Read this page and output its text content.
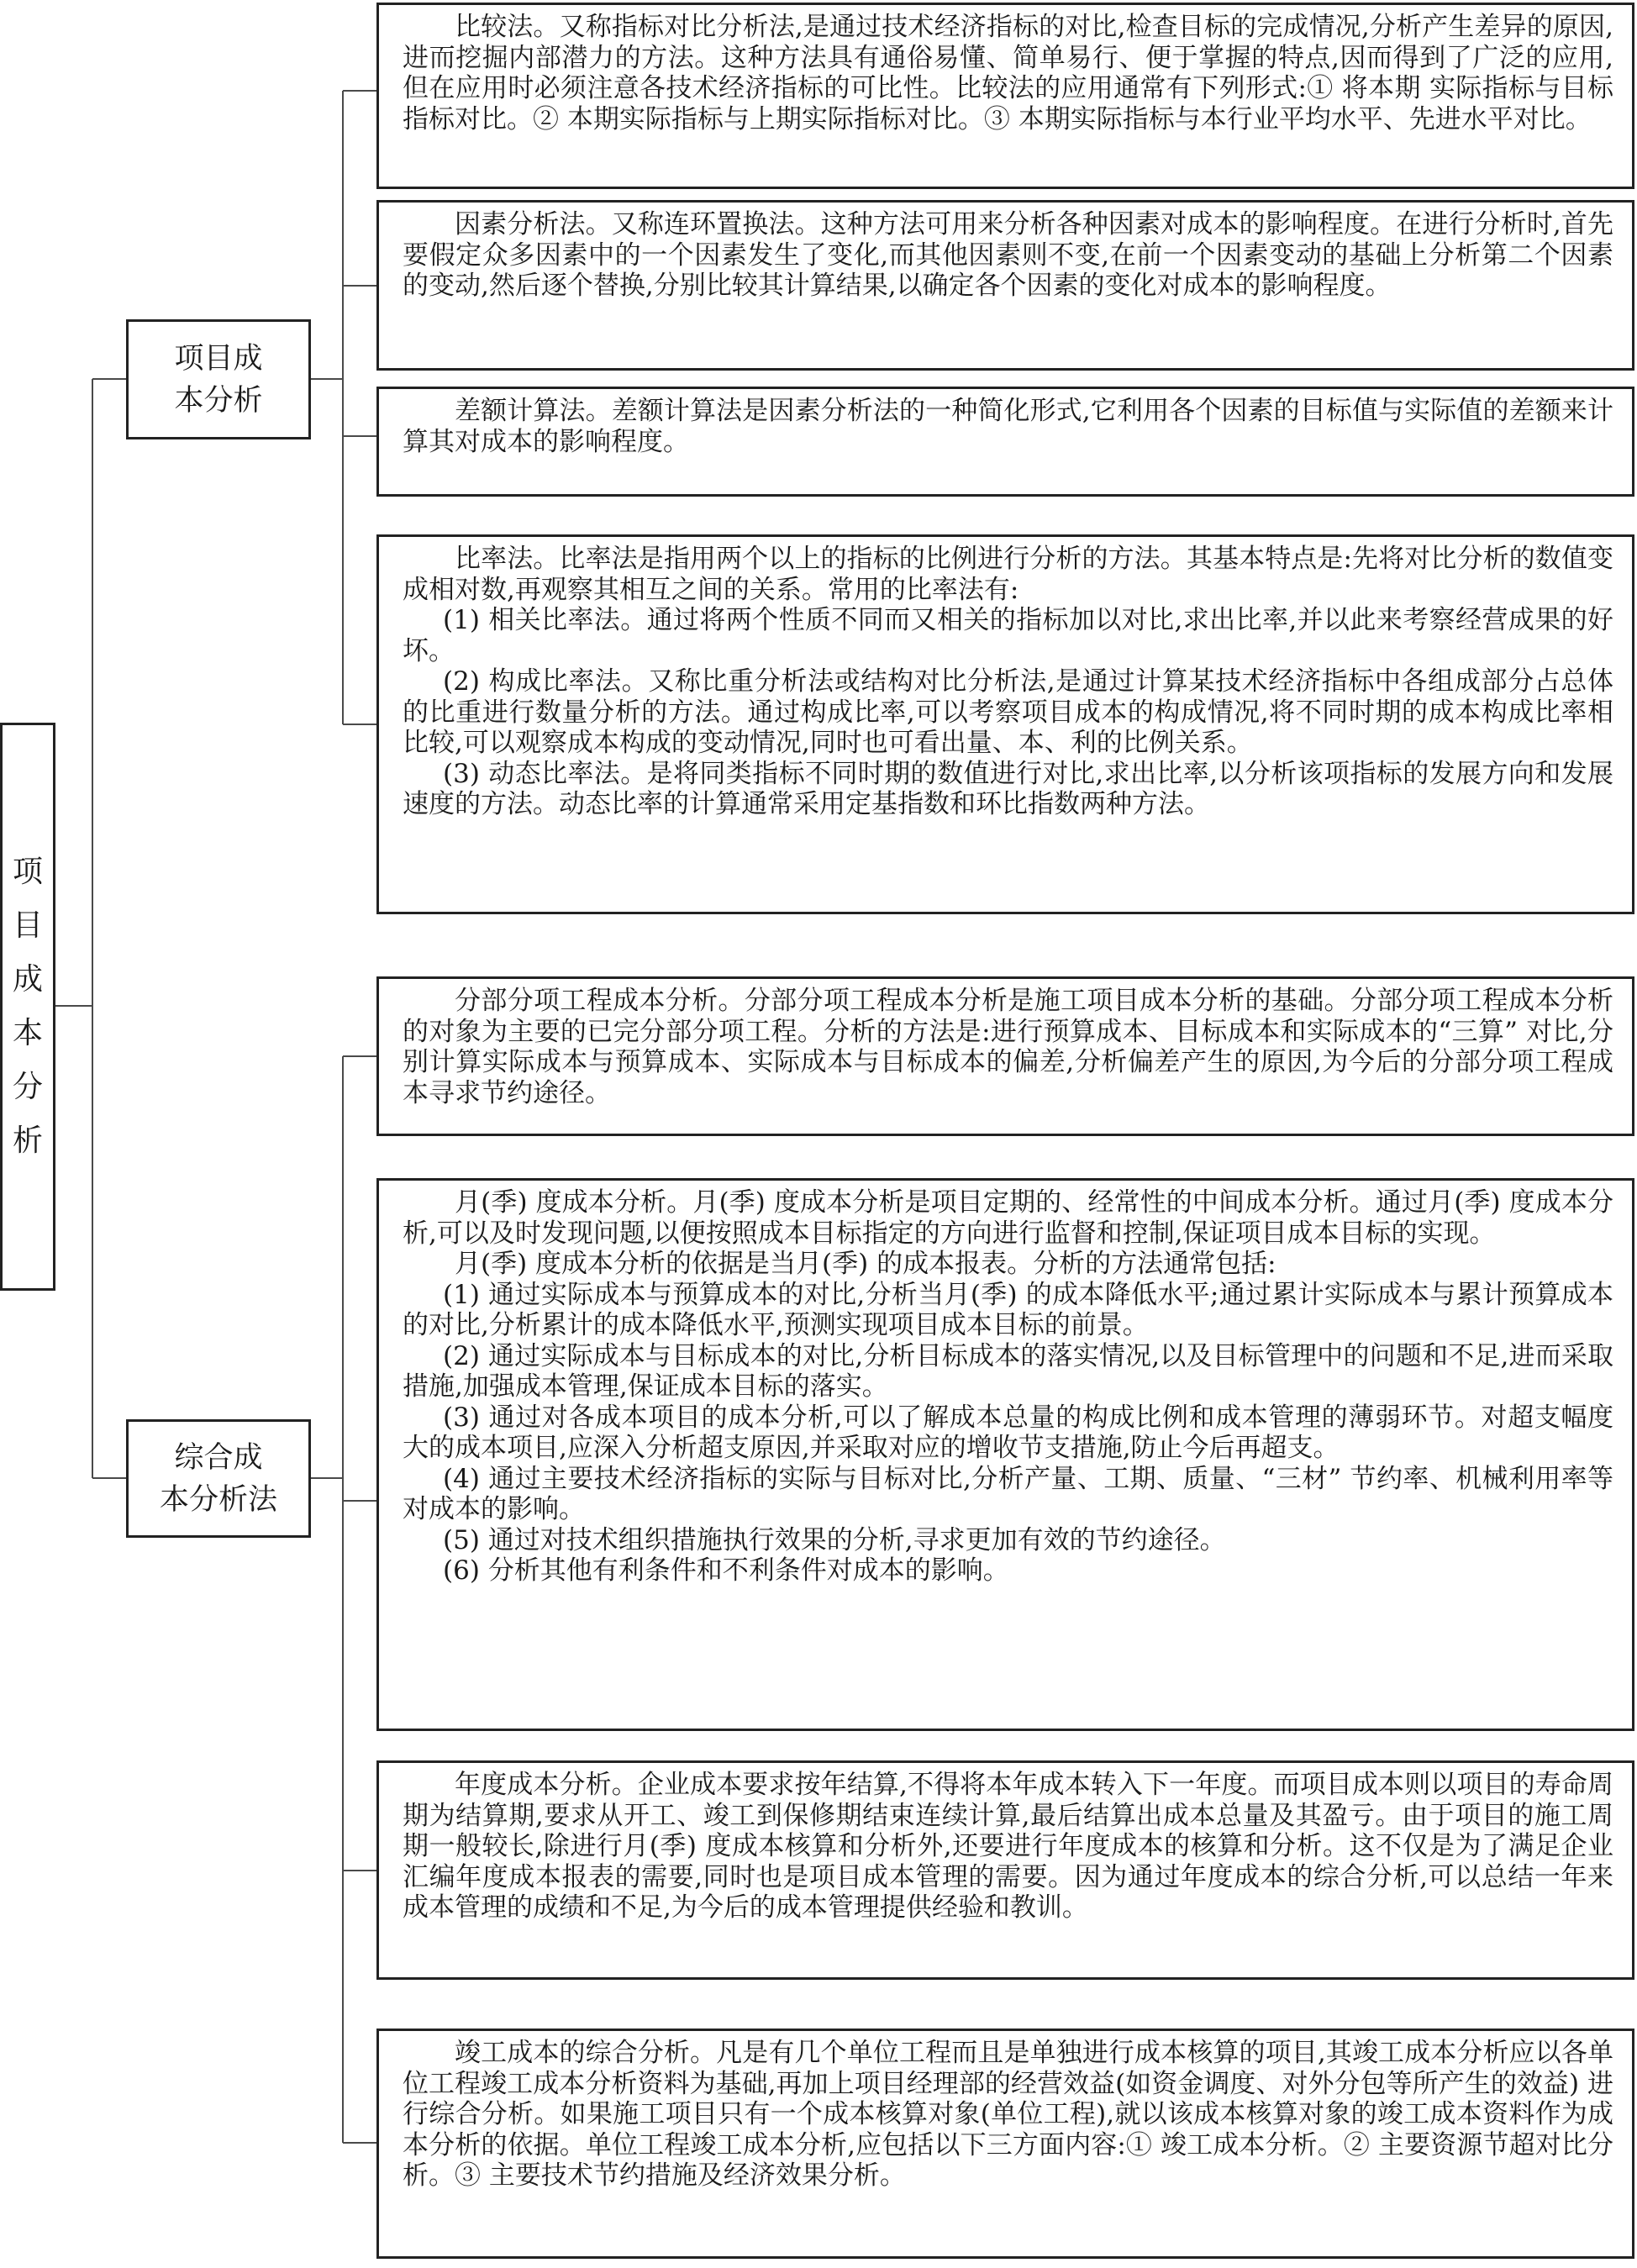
项
目
成
本
分
析
项目成
本分析
综合成
本分析法

比较法。又称指标对比分析法,是通过技术经济指标的对比,检查目标的完成情况,分析产生差异的原因,进而挖掘内部潜力的方法。这种方法具有通俗易懂、简单易行、便于掌握的特点,因而得到了广泛的应用,但在应用时必须注意各技术经济指标的可比性。比较法的应用通常有下列形式:① 将本期 实际指标与目标指标对比。② 本期实际指标与上期实际指标对比。③ 本期实际指标与本行业平均水平、先进水平对比。

因素分析法。又称连环置换法。这种方法可用来分析各种因素对成本的影响程度。在进行分析时,首先要假定众多因素中的一个因素发生了变化,而其他因素则不变,在前一个因素变动的基础上分析第二个因素的变动,然后逐个替换,分别比较其计算结果,以确定各个因素的变化对成本的影响程度。

差额计算法。差额计算法是因素分析法的一种简化形式,它利用各个因素的目标值与实际值的差额来计算其对成本的影响程度。

比率法。比率法是指用两个以上的指标的比例进行分析的方法。其基本特点是:先将对比分析的数值变成相对数,再观察其相互之间的关系。常用的比率法有:

(1) 相关比率法。通过将两个性质不同而又相关的指标加以对比,求出比率,并以此来考察经营成果的好坏。

(2) 构成比率法。又称比重分析法或结构对比分析法,是通过计算某技术经济指标中各组成部分占总体的比重进行数量分析的方法。通过构成比率,可以考察项目成本的构成情况,将不同时期的成本构成比率相比较,可以观察成本构成的变动情况,同时也可看出量、本、利的比例关系。

(3) 动态比率法。是将同类指标不同时期的数值进行对比,求出比率,以分析该项指标的发展方向和发展速度的方法。动态比率的计算通常采用定基指数和环比指数两种方法。

分部分项工程成本分析。分部分项工程成本分析是施工项目成本分析的基础。分部分项工程成本分析的对象为主要的已完分部分项工程。分析的方法是:进行预算成本、目标成本和实际成本的“三算” 对比,分别计算实际成本与预算成本、实际成本与目标成本的偏差,分析偏差产生的原因,为今后的分部分项工程成本寻求节约途径。

月(季) 度成本分析。月(季) 度成本分析是项目定期的、经常性的中间成本分析。通过月(季) 度成本分析,可以及时发现问题,以便按照成本目标指定的方向进行监督和控制,保证项目成本目标的实现。

月(季) 度成本分析的依据是当月(季) 的成本报表。分析的方法通常包括:

(1) 通过实际成本与预算成本的对比,分析当月(季) 的成本降低水平;通过累计实际成本与累计预算成本的对比,分析累计的成本降低水平,预测实现项目成本目标的前景。

(2) 通过实际成本与目标成本的对比,分析目标成本的落实情况,以及目标管理中的问题和不足,进而采取措施,加强成本管理,保证成本目标的落实。

(3) 通过对各成本项目的成本分析,可以了解成本总量的构成比例和成本管理的薄弱环节。对超支幅度大的成本项目,应深入分析超支原因,并采取对应的增收节支措施,防止今后再超支。

(4) 通过主要技术经济指标的实际与目标对比,分析产量、工期、质量、“三材” 节约率、机械利用率等对成本的影响。

(5) 通过对技术组织措施执行效果的分析,寻求更加有效的节约途径。

(6) 分析其他有利条件和不利条件对成本的影响。

年度成本分析。企业成本要求按年结算,不得将本年成本转入下一年度。而项目成本则以项目的寿命周期为结算期,要求从开工、竣工到保修期结束连续计算,最后结算出成本总量及其盈亏。由于项目的施工周期一般较长,除进行月(季) 度成本核算和分析外,还要进行年度成本的核算和分析。这不仅是为了满足企业汇编年度成本报表的需要,同时也是项目成本管理的需要。因为通过年度成本的综合分析,可以总结一年来成本管理的成绩和不足,为今后的成本管理提供经验和教训。

竣工成本的综合分析。凡是有几个单位工程而且是单独进行成本核算的项目,其竣工成本分析应以各单位工程竣工成本分析资料为基础,再加上项目经理部的经营效益(如资金调度、对外分包等所产生的效益) 进行综合分析。如果施工项目只有一个成本核算对象(单位工程),就以该成本核算对象的竣工成本资料作为成本分析的依据。单位工程竣工成本分析,应包括以下三方面内容:① 竣工成本分析。② 主要资源节超对比分析。③ 主要技术节约措施及经济效果分析。
